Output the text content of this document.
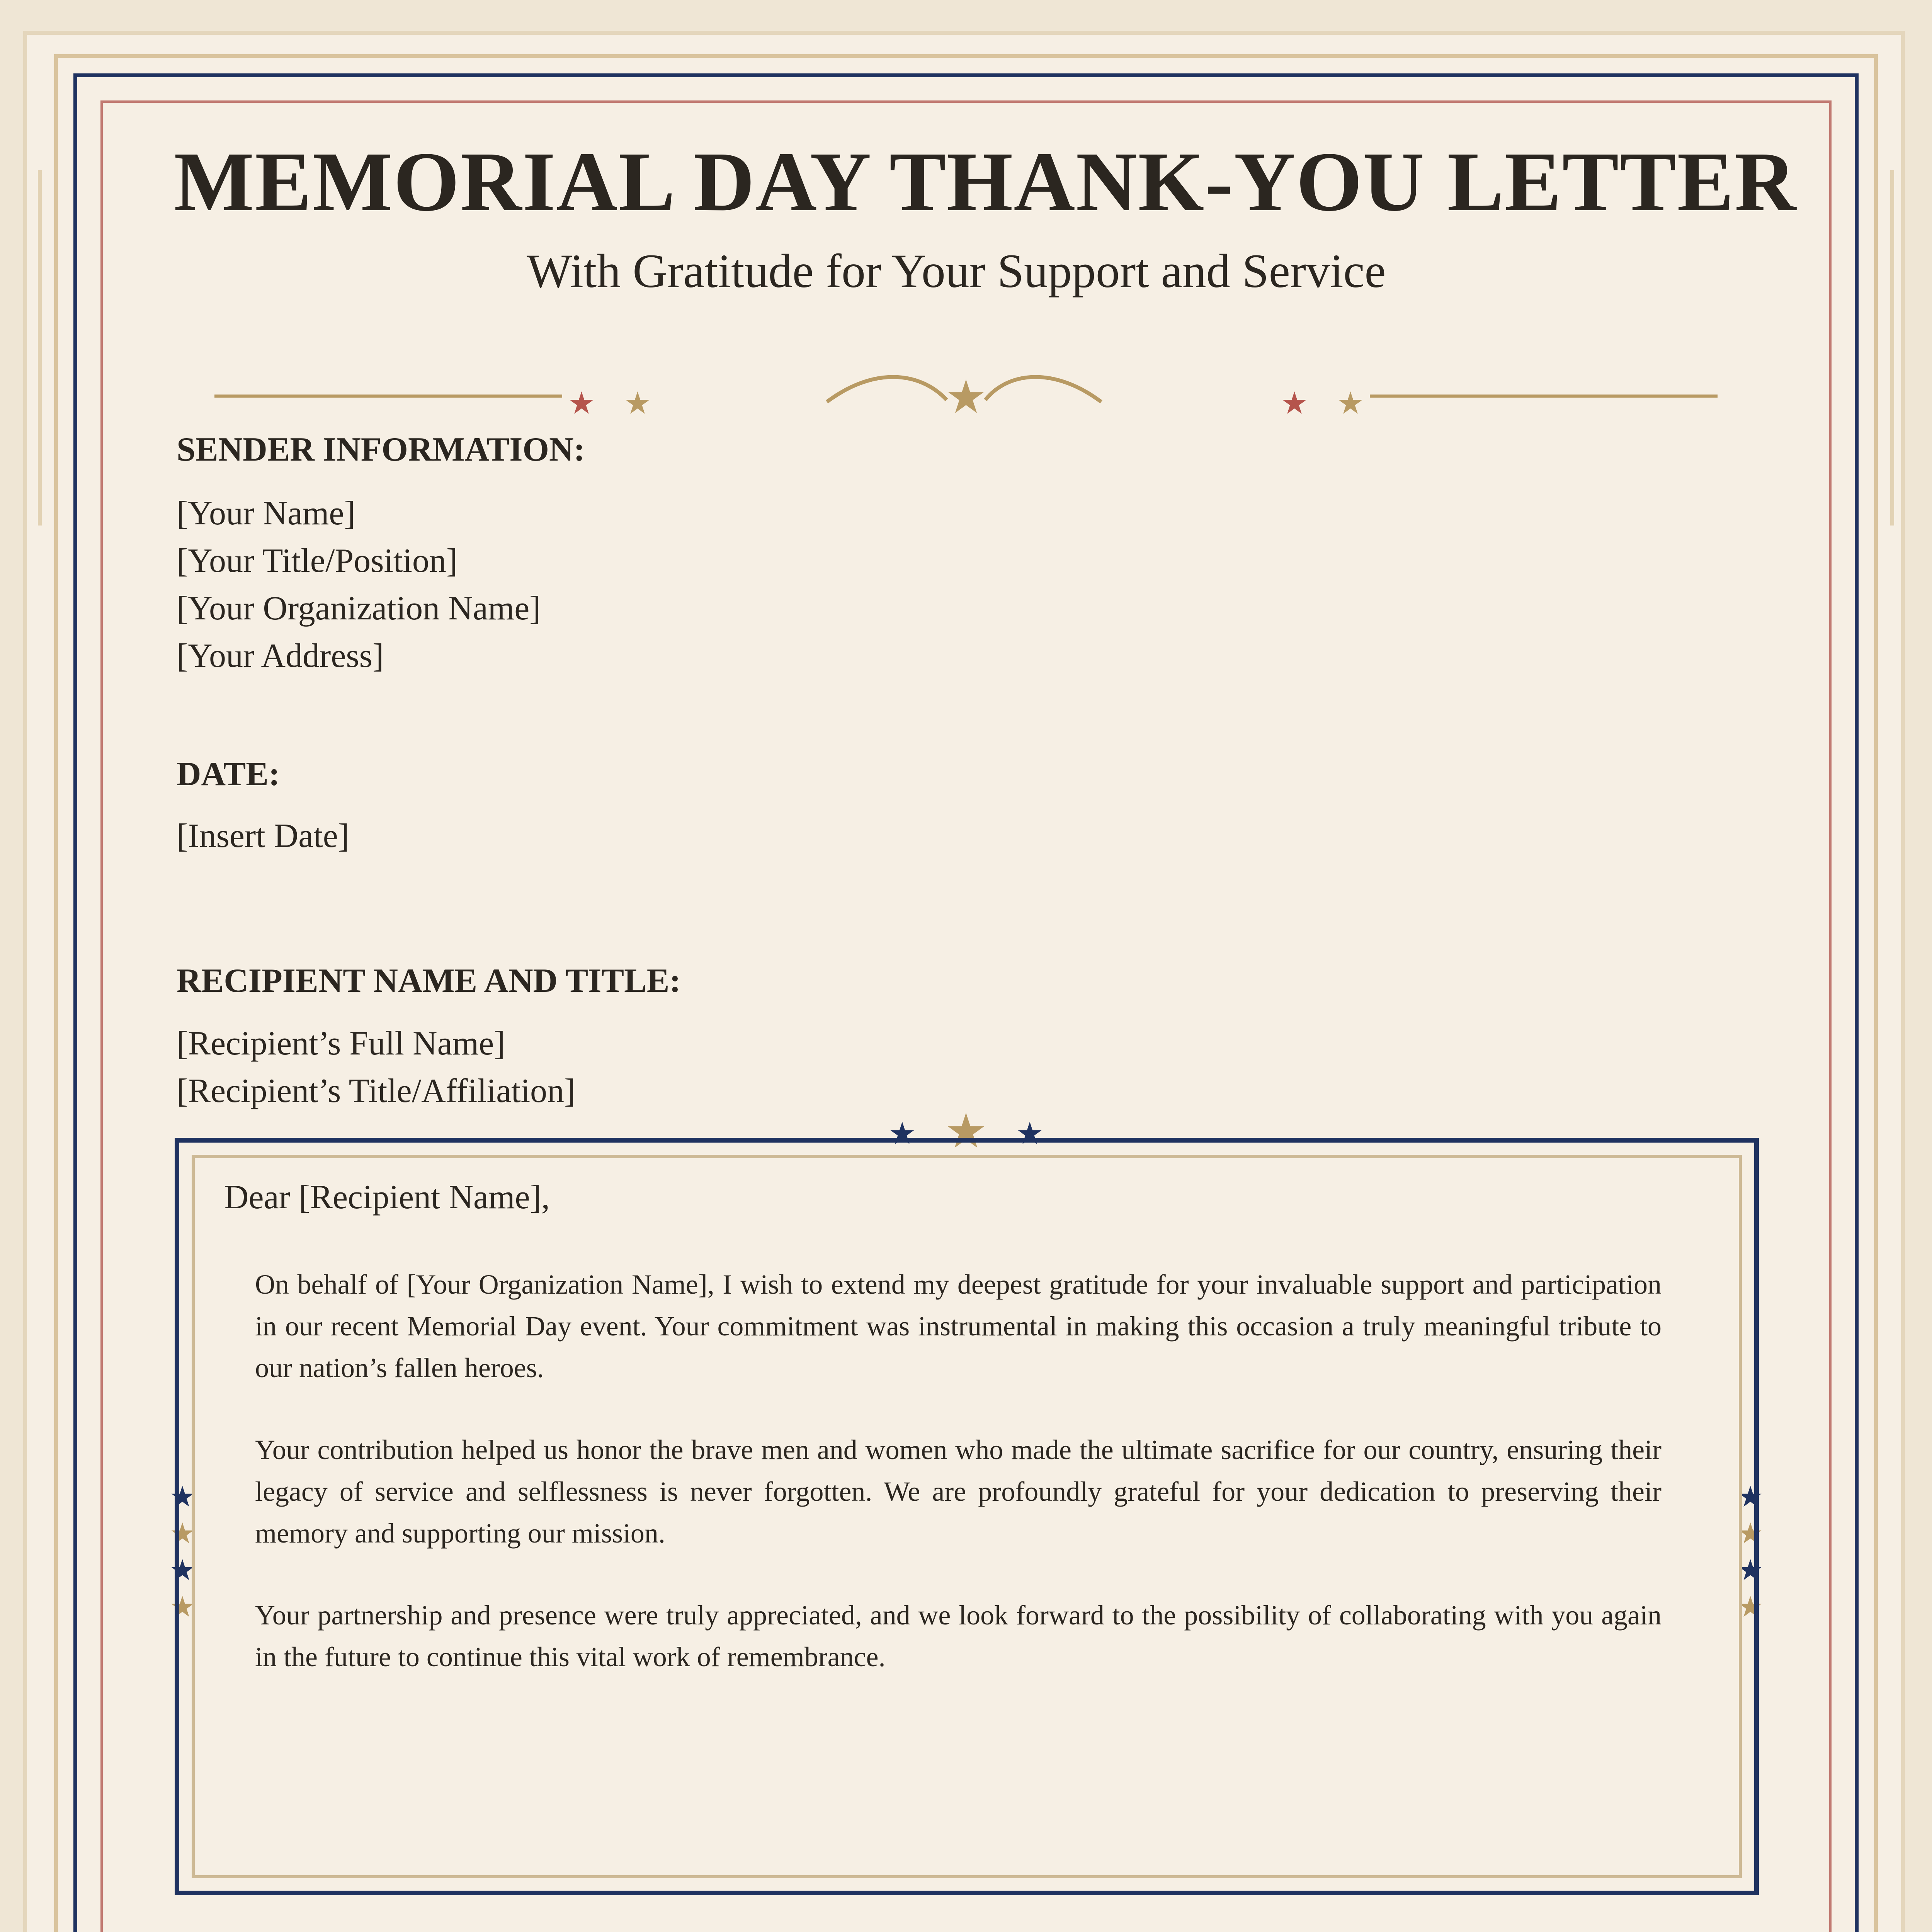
MEMORIAL DAY THANK-YOU LETTER
With Gratitude for Your Support and Service
SENDER INFORMATION:
[Your Name]
[Your Title/Position]
[Your Organization Name]
[Your Address]
DATE:
[Insert Date]
RECIPIENT NAME AND TITLE:
[Recipient’s Full Name]
[Recipient’s Title/Affiliation]
Dear [Recipient Name],
On behalf of [Your Organization Name], I wish to extend my deepest gratitude for your invaluable support and participation in our recent Memorial Day event. Your commitment was instrumental in making this occasion a truly meaningful tribute to our nation’s fallen heroes.
Your contribution helped us honor the brave men and women who made the ultimate sacrifice for our country, ensuring their legacy of service and selflessness is never forgotten. We are profoundly grateful for your dedication to preserving their memory and supporting our mission.
Your partnership and presence were truly appreciated, and we look forward to the possibility of collaborating with you again in the future to continue this vital work of remembrance.
